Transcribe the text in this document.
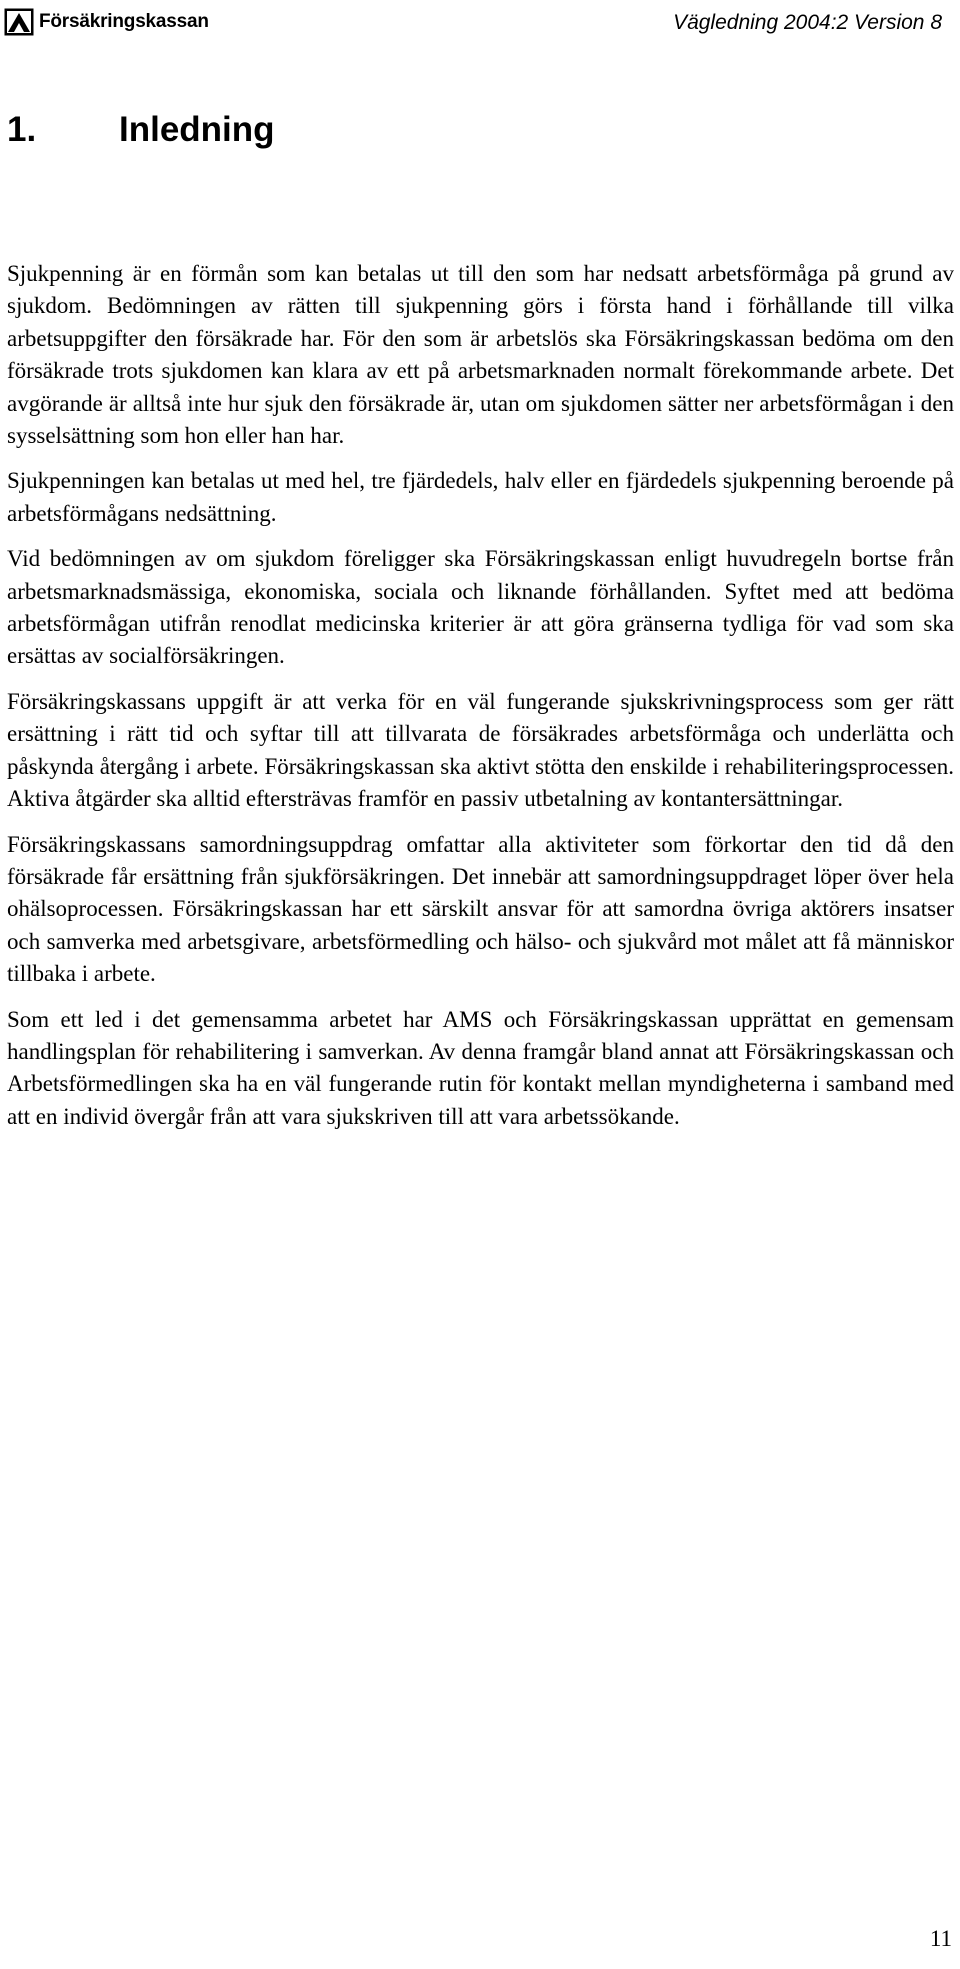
Försäkringskassan	Vägledning 2004:2 Version 8
1.	Inledning

Sjukpenning är en förmån som kan betalas ut till den som har nedsatt arbetsförmåga på grund av sjukdom. Bedömningen av rätten till sjukpenning görs i första hand i förhållande till vilka arbetsuppgifter den försäkrade har. För den som är arbetslös ska Försäkringskassan bedöma om den försäkrade trots sjukdomen kan klara av ett på arbetsmarknaden normalt förekommande arbete. Det avgörande är alltså inte hur sjuk den försäkrade är, utan om sjukdomen sätter ner arbetsförmågan i den sysselsättning som hon eller han har.

Sjukpenningen kan betalas ut med hel, tre fjärdedels, halv eller en fjärdedels sjukpenning beroende på arbetsförmågans nedsättning.

Vid bedömningen av om sjukdom föreligger ska Försäkringskassan enligt huvudregeln bortse från arbetsmarknadsmässiga, ekonomiska, sociala och liknande förhållanden. Syftet med att bedöma arbetsförmågan utifrån renodlat medicinska kriterier är att göra gränserna tydliga för vad som ska ersättas av socialförsäkringen.

Försäkringskassans uppgift är att verka för en väl fungerande sjukskrivningsprocess som ger rätt ersättning i rätt tid och syftar till att tillvarata de försäkrades arbetsförmåga och underlätta och påskynda återgång i arbete. Försäkringskassan ska aktivt stötta den enskilde i rehabiliteringsprocessen. Aktiva åtgärder ska alltid eftersträvas framför en passiv utbetalning av kontantersättningar.

Försäkringskassans samordningsuppdrag omfattar alla aktiviteter som förkortar den tid då den försäkrade får ersättning från sjukförsäkringen. Det innebär att samordningsuppdraget löper över hela ohälsoprocessen. Försäkringskassan har ett särskilt ansvar för att samordna övriga aktörers insatser och samverka med arbetsgivare, arbetsförmedling och hälso- och sjukvård mot målet att få människor tillbaka i arbete.

Som ett led i det gemensamma arbetet har AMS och Försäkringskassan upprättat en gemensam handlingsplan för rehabilitering i samverkan. Av denna framgår bland annat att Försäkringskassan och Arbetsförmedlingen ska ha en väl fungerande rutin för kontakt mellan myndigheterna i samband med att en individ övergår från att vara sjukskriven till att vara arbetssökande.

11
